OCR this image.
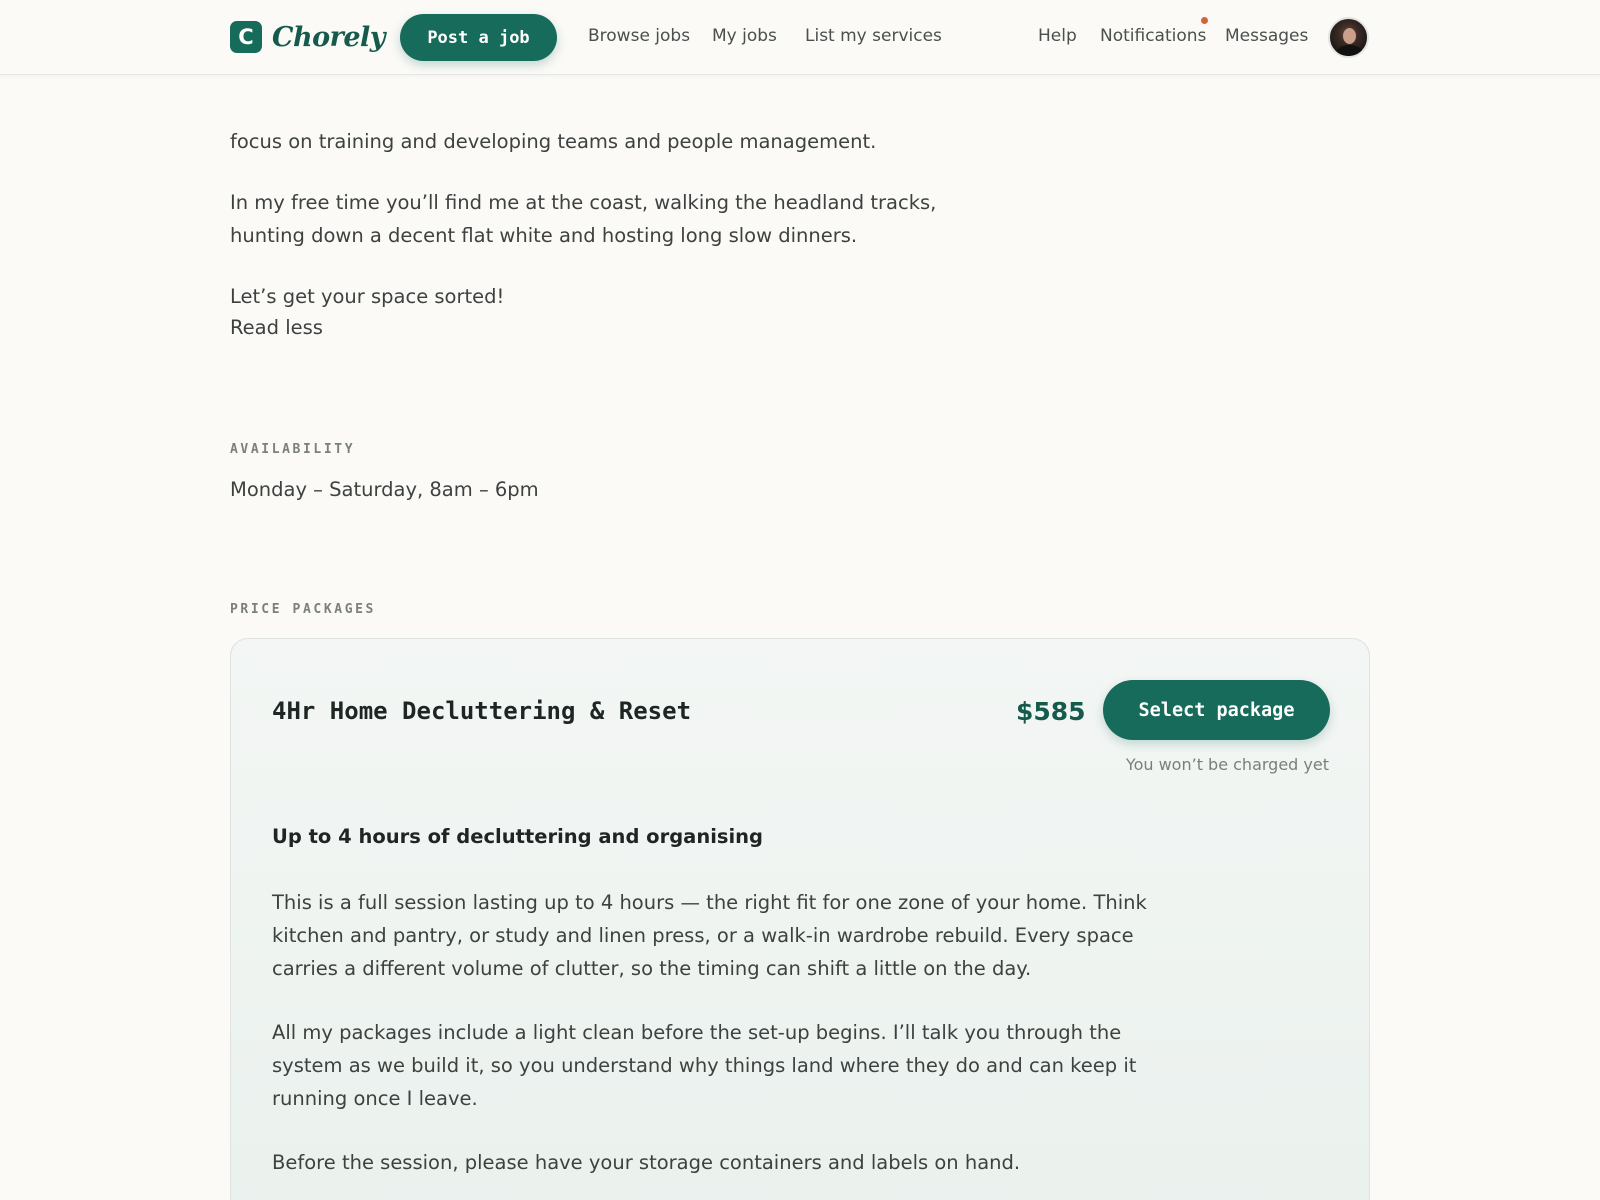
C Chorely	Post a job	Browse jobs My jobs List my services	Help Notifications Messages

focus on training and developing teams and people management.

In my free time you’ll find me at the coast, walking the headland tracks, hunting down a decent flat white and hosting long slow dinners.

Let’s get your space sorted!

Read less
AVAILABILITY
Monday – Saturday, 8am – 6pm
PRICE PACKAGES
4Hr Home Decluttering & Reset	$585	Select package
You won’t be charged yet
Up to 4 hours of decluttering and organising

This is a full session lasting up to 4 hours — the right fit for one zone of your home. Think kitchen and pantry, or study and linen press, or a walk-in wardrobe rebuild. Every space carries a different volume of clutter, so the timing can shift a little on the day.

All my packages include a light clean before the set-up begins. I’ll talk you through the system as we build it, so you understand why things land where they do and can keep it running once I leave.

Before the session, please have your storage containers and labels on hand.
